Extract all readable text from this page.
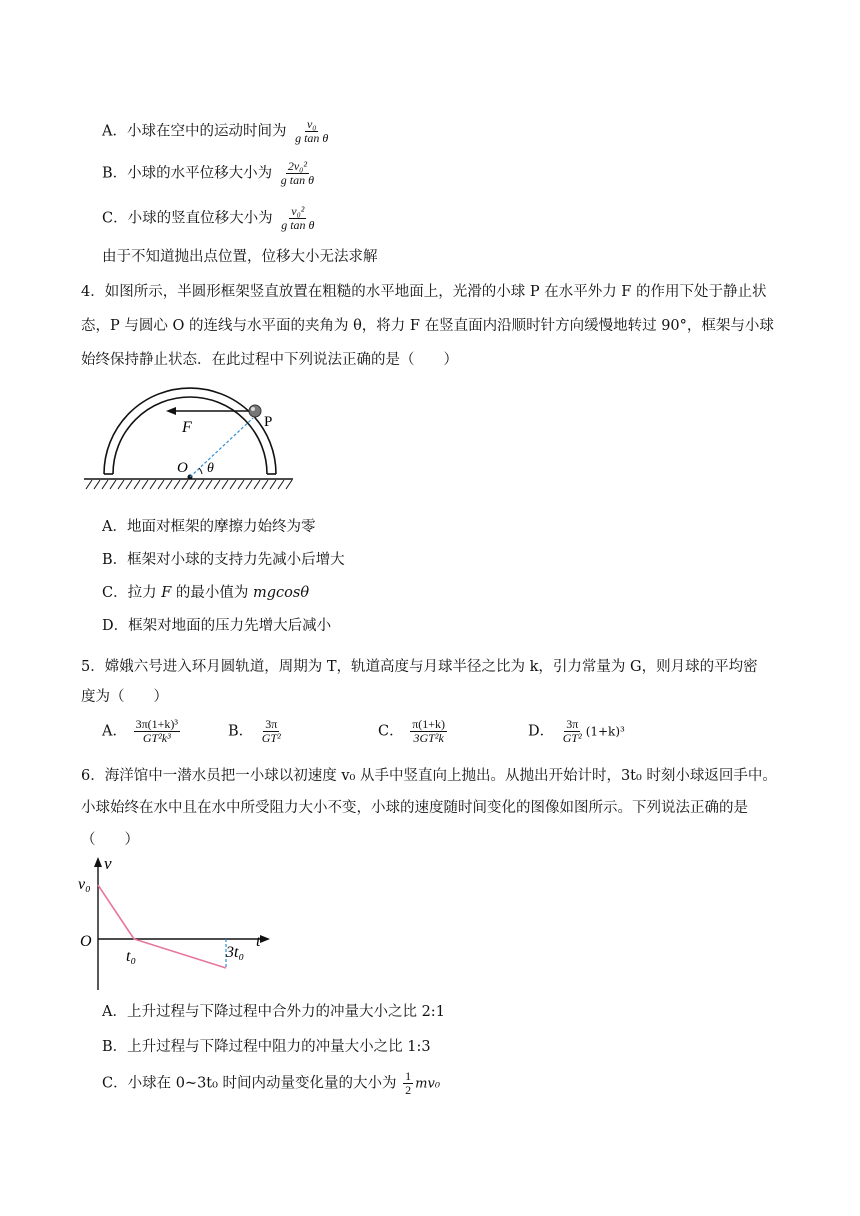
A．小球在空中的运动时间为 $\frac{\text{v₀}}{\text{g tan θ}}$
B．小球的水平位移大小为 $\frac{\text{2v₀²}}{\text{g tan θ}}$
C．小球的竖直位移大小为 $\frac{\text{v₀²}}{\text{g tan θ}}$
由于不知道抛出点位置，位移大小无法求解
4．如图所示，半圆形框架竖直放置在粗糙的水平地面上，光滑的小球 P 在水平外力 F 的作用下处于静止状
态，P 与圆心 O 的连线与水平面的夹角为 θ，将力 F 在竖直面内沿顺时针方向缓慢地转过 90°，框架与小球
始终保持静止状态．在此过程中下列说法正确的是（　　）
F	P
O θ
A．地面对框架的摩擦力始终为零
B．框架对小球的支持力先减小后增大
C．拉力 F 的最小值为 mgcosθ
D．框架对地面的压力先增大后减小
5．嫦娥六号进入环月圆轨道，周期为 T，轨道高度与月球半径之比为 k，引力常量为 G，则月球的平均密
度为（　　）
A． $\frac{\text{3π(1+k)³}}{\text{GT²k³}}$	B． $\frac{3\pi}{\text{GT²}}$	C． $\frac{\pi(1+k)}{\text{3GT²k}}$	D． $\frac{3\pi}{\text{GT²}} (1+k)^3$
6．海洋馆中一潜水员把一小球以初速度 v₀ 从手中竖直向上抛出。从抛出开始计时，3t₀ 时刻小球返回手中。
小球始终在水中且在水中所受阻力大小不变，小球的速度随时间变化的图像如图所示。下列说法正确的是
（　　）
v
v₀
O
t₀	3t₀
t
A．上升过程与下降过程中合外力的冲量大小之比 2:1
B．上升过程与下降过程中阻力的冲量大小之比 1:3
C．小球在 0~3t₀ 时间内动量变化量的大小为 $\frac{1}{2} mv_0$
